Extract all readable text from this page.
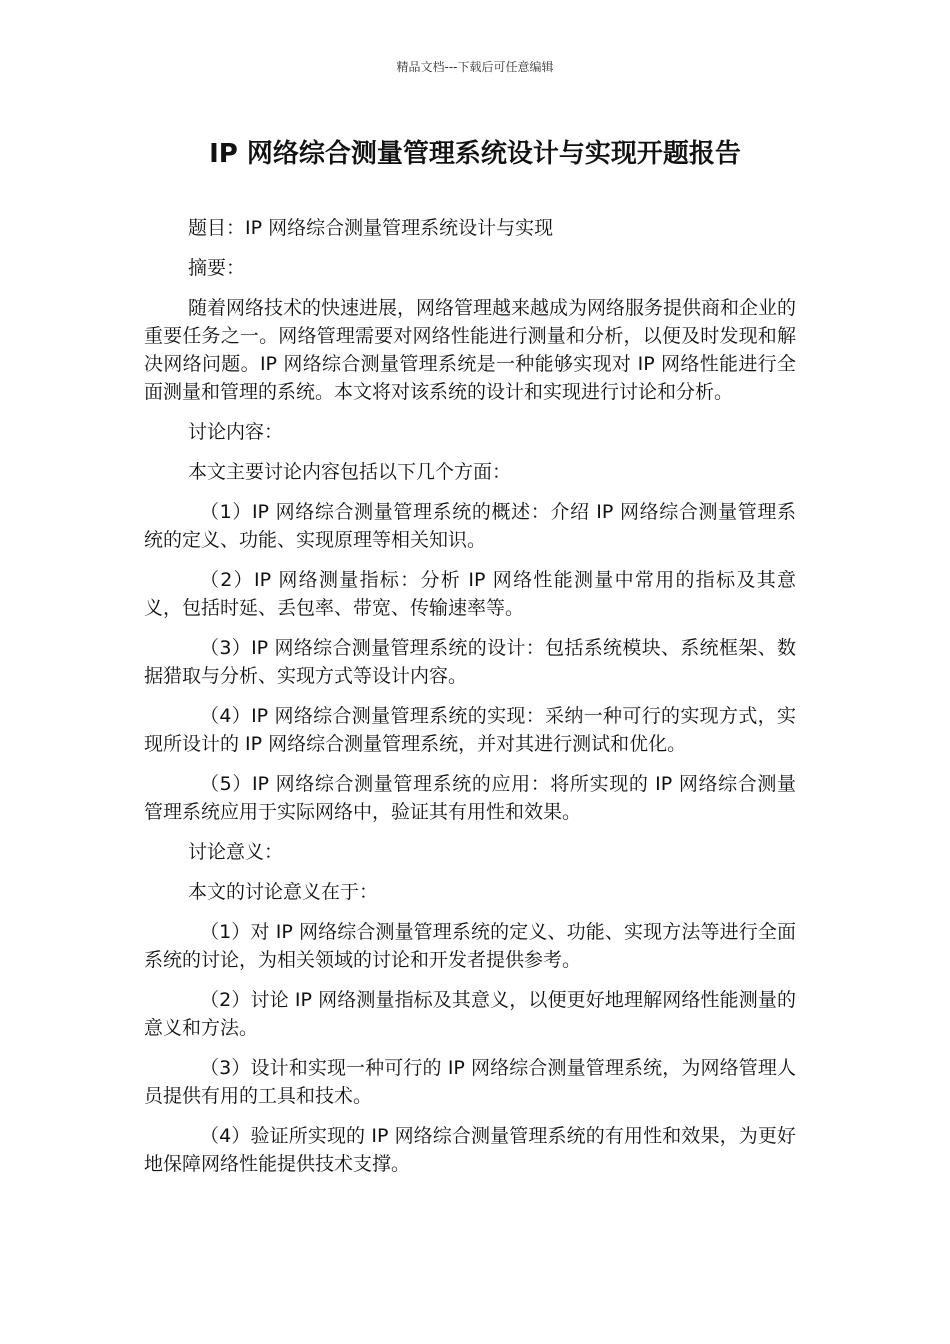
精品文档---下载后可任意编辑
IP 网络综合测量管理系统设计与实现开题报告

题目：IP 网络综合测量管理系统设计与实现

摘要：

随着网络技术的快速进展，网络管理越来越成为网络服务提供商和企业的重要任务之一。网络管理需要对网络性能进行测量和分析，以便及时发现和解决网络问题。IP 网络综合测量管理系统是一种能够实现对 IP 网络性能进行全面测量和管理的系统。本文将对该系统的设计和实现进行讨论和分析。

讨论内容：

本文主要讨论内容包括以下几个方面：

（1）IP 网络综合测量管理系统的概述：介绍 IP 网络综合测量管理系统的定义、功能、实现原理等相关知识。

（2）IP 网络测量指标：分析 IP 网络性能测量中常用的指标及其意义，包括时延、丢包率、带宽、传输速率等。

（3）IP 网络综合测量管理系统的设计：包括系统模块、系统框架、数据猎取与分析、实现方式等设计内容。

（4）IP 网络综合测量管理系统的实现：采纳一种可行的实现方式，实现所设计的 IP 网络综合测量管理系统，并对其进行测试和优化。

（5）IP 网络综合测量管理系统的应用：将所实现的 IP 网络综合测量管理系统应用于实际网络中，验证其有用性和效果。

讨论意义：

本文的讨论意义在于：

（1）对 IP 网络综合测量管理系统的定义、功能、实现方法等进行全面系统的讨论，为相关领域的讨论和开发者提供参考。

（2）讨论 IP 网络测量指标及其意义，以便更好地理解网络性能测量的意义和方法。

（3）设计和实现一种可行的 IP 网络综合测量管理系统，为网络管理人员提供有用的工具和技术。

（4）验证所实现的 IP 网络综合测量管理系统的有用性和效果，为更好地保障网络性能提供技术支撑。
